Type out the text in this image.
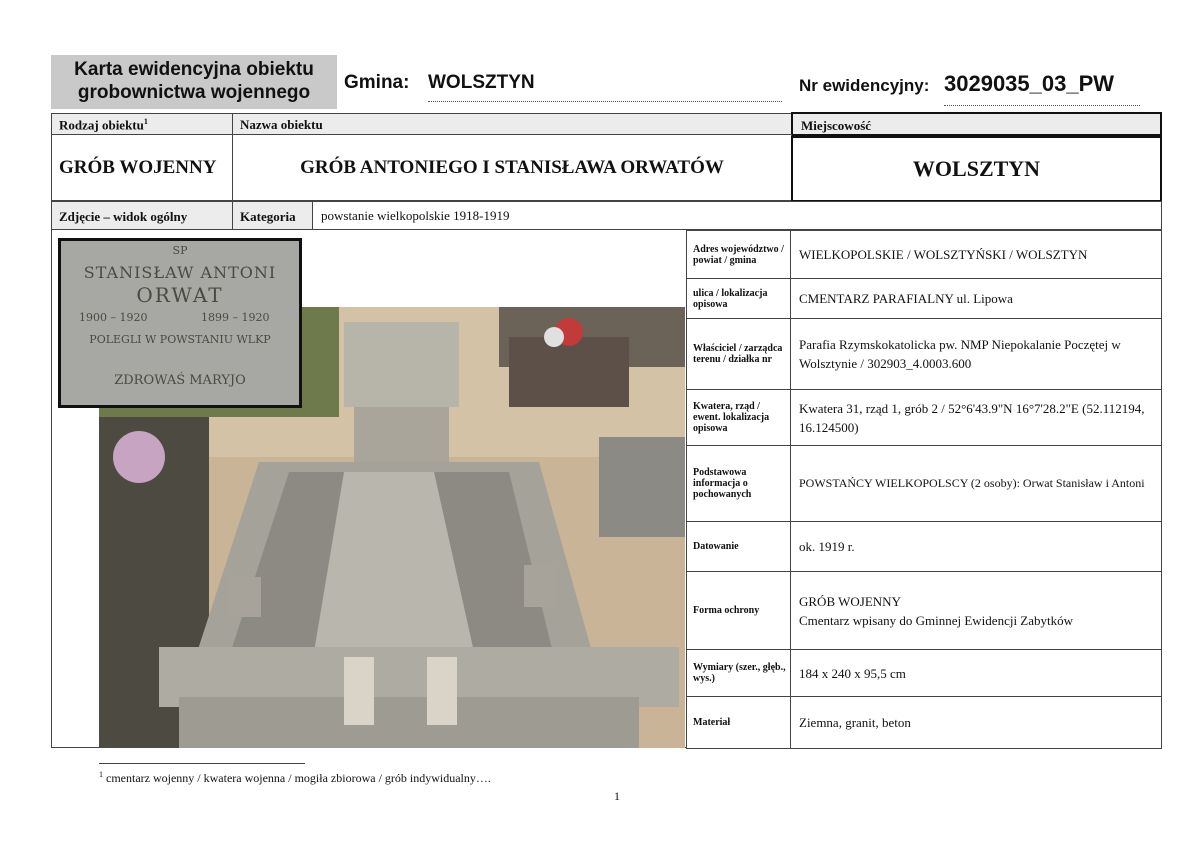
Karta ewidencyjna obiektu grobownictwa wojennego	Gmina: WOLSZTYN	Nr ewidencyjny: 3029035_03_PW
Rodzaj obiektu$^1$	Nazwa obiektu	Miejscowość
GRÓB WOJENNY	GRÓB ANTONIEGO I STANISŁAWA ORWATÓW	WOLSZTYN
Zdjęcie – widok ogólny	Kategoria	powstanie wielkopolskie 1918-1919
SP
STANISŁAW ANTONI
ORWAT
1900 – 1920	1899 – 1920
POLEGLI W POWSTANIU WLKP
ZDROWAŚ MARYJO
Adres województwo / powiat / gmina	WIELKOPOLSKIE / WOLSZTYŃSKI / WOLSZTYN

ulica / lokalizacja opisowa	CMENTARZ PARAFIALNY ul. Lipowa

Właściciel / zarządca terenu / działka nr	Parafia Rzymskokatolicka pw. NMP Niepokalanie Poczętej w Wolsztynie / 302903_4.0003.600

Kwatera, rząd / ewent. lokalizacja opisowa	Kwatera 31, rząd 1, grób 2 / 52°6'43.9"N 16°7'28.2"E (52.112194, 16.124500)

Podstawowa informacja o pochowanych	POWSTAŃCY WIELKOPOLSCY (2 osoby): Orwat Stanisław i Antoni

Datowanie	ok. 1919 r.

Forma ochrony	GRÓB WOJENNY
Cmentarz wpisany do Gminnej Ewidencji Zabytków

Wymiary (szer., głęb., wys.)	184 x 240 x 95,5 cm

Materiał	Ziemna, granit, beton
$^1$ cmentarz wojenny / kwatera wojenna / mogiła zbiorowa / grób indywidualny….
1
